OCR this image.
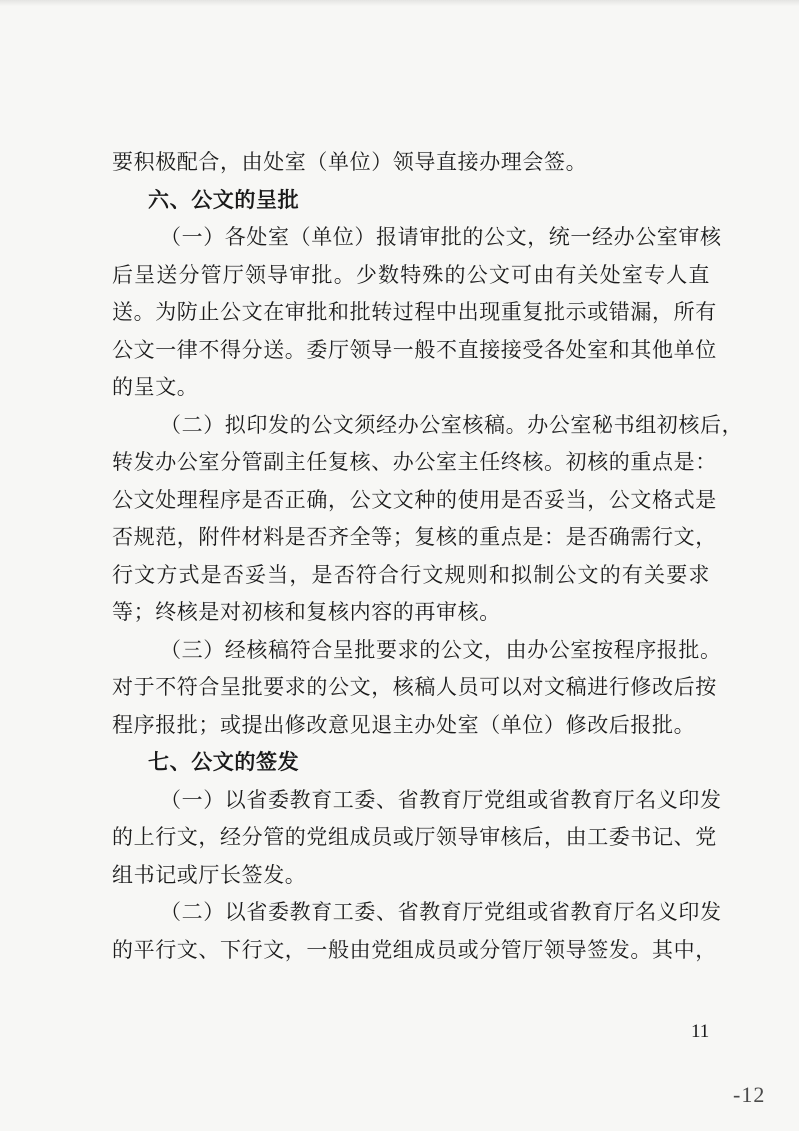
要积极配合，由处室（单位）领导直接办理会签。
六、公文的呈批
（一）各处室（单位）报请审批的公文，统一经办公室审核
后呈送分管厅领导审批。少数特殊的公文可由有关处室专人直
送。为防止公文在审批和批转过程中出现重复批示或错漏，所有
公文一律不得分送。委厅领导一般不直接接受各处室和其他单位
的呈文。
（二）拟印发的公文须经办公室核稿。办公室秘书组初核后，
转发办公室分管副主任复核、办公室主任终核。初核的重点是：
公文处理程序是否正确，公文文种的使用是否妥当，公文格式是
否规范，附件材料是否齐全等；复核的重点是：是否确需行文，
行文方式是否妥当，是否符合行文规则和拟制公文的有关要求
等；终核是对初核和复核内容的再审核。
（三）经核稿符合呈批要求的公文，由办公室按程序报批。
对于不符合呈批要求的公文，核稿人员可以对文稿进行修改后按
程序报批；或提出修改意见退主办处室（单位）修改后报批。
七、公文的签发
（一）以省委教育工委、省教育厅党组或省教育厅名义印发
的上行文，经分管的党组成员或厅领导审核后，由工委书记、党
组书记或厅长签发。
（二）以省委教育工委、省教育厅党组或省教育厅名义印发
的平行文、下行文，一般由党组成员或分管厅领导签发。其中，
11
-12
